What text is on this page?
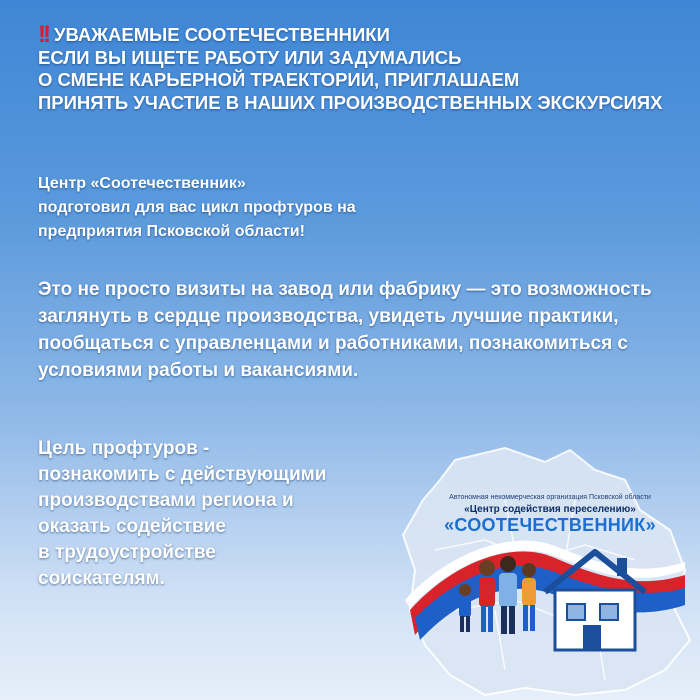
!! УВАЖАЕМЫЕ СООТЕЧЕСТВЕННИКИ
ЕСЛИ ВЫ ИЩЕТЕ РАБОТУ ИЛИ ЗАДУМАЛИСЬ
О СМЕНЕ КАРЬЕРНОЙ ТРАЕКТОРИИ, ПРИГЛАШАЕМ
ПРИНЯТЬ УЧАСТИЕ В НАШИХ ПРОИЗВОДСТВЕННЫХ ЭКСКУРСИЯХ
Центр «Соотечественник»
подготовил для вас цикл профтуров на
предприятия Псковской области!
Это не просто визиты на завод или фабрику — это возможность
заглянуть в сердце производства, увидеть лучшие практики,
пообщаться с управленцами и работниками, познакомиться с
условиями работы и вакансиями.
Цель профтуров -
познакомить с действующими
производствами региона и
оказать содействие
в трудоустройстве
соискателям.
Автономная некоммерческая организация Псковской области
«Центр содействия переселению»
«СООТЕЧЕСТВЕННИК»
